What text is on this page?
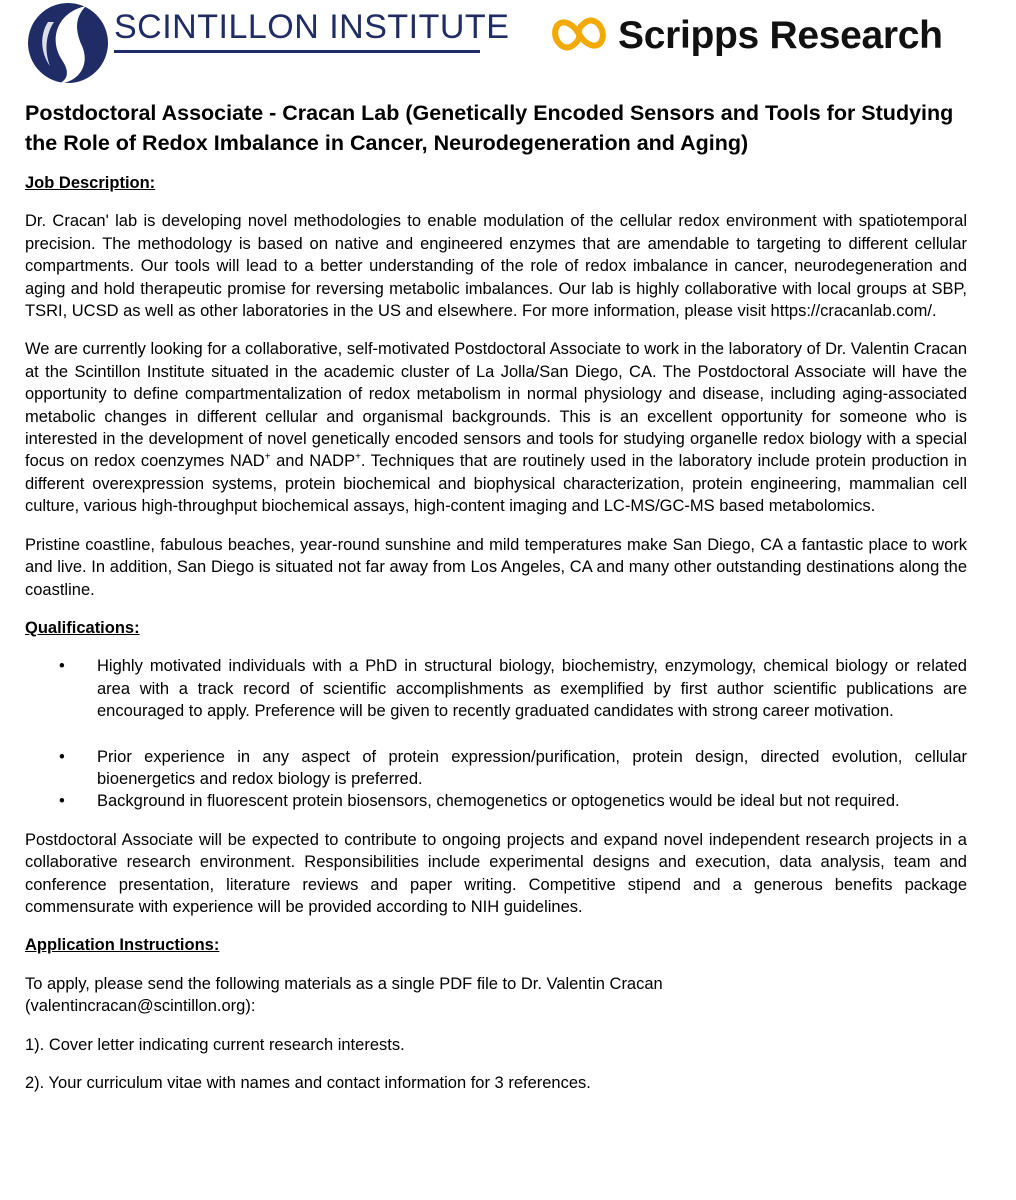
SCINTILLON INSTITUTE	Scripps Research
Postdoctoral Associate - Cracan Lab (Genetically Encoded Sensors and Tools for Studying the Role of Redox Imbalance in Cancer, Neurodegeneration and Aging)
Job Description:

Dr. Cracan' lab is developing novel methodologies to enable modulation of the cellular redox environment with spatiotemporal precision. The methodology is based on native and engineered enzymes that are amendable to targeting to different cellular compartments. Our tools will lead to a better understanding of the role of redox imbalance in cancer, neurodegeneration and aging and hold therapeutic promise for reversing metabolic imbalances. Our lab is highly collaborative with local groups at SBP, TSRI, UCSD as well as other laboratories in the US and elsewhere. For more information, please visit https://cracanlab.com/.

We are currently looking for a collaborative, self-motivated Postdoctoral Associate to work in the laboratory of Dr. Valentin Cracan at the Scintillon Institute situated in the academic cluster of La Jolla/San Diego, CA. The Postdoctoral Associate will have the opportunity to define compartmentalization of redox metabolism in normal physiology and disease, including aging-associated metabolic changes in different cellular and organismal backgrounds. This is an excellent opportunity for someone who is interested in the development of novel genetically encoded sensors and tools for studying organelle redox biology with a special focus on redox coenzymes NAD+ and NADP+. Techniques that are routinely used in the laboratory include protein production in different overexpression systems, protein biochemical and biophysical characterization, protein engineering, mammalian cell culture, various high-throughput biochemical assays, high-content imaging and LC-MS/GC-MS based metabolomics.

Pristine coastline, fabulous beaches, year-round sunshine and mild temperatures make San Diego, CA a fantastic place to work and live. In addition, San Diego is situated not far away from Los Angeles, CA and many other outstanding destinations along the coastline.

Qualifications:
• Highly motivated individuals with a PhD in structural biology, biochemistry, enzymology, chemical biology or related area with a track record of scientific accomplishments as exemplified by first author scientific publications are encouraged to apply. Preference will be given to recently graduated candidates with strong career motivation.
• Prior experience in any aspect of protein expression/purification, protein design, directed evolution, cellular bioenergetics and redox biology is preferred.
• Background in fluorescent protein biosensors, chemogenetics or optogenetics would be ideal but not required.

Postdoctoral Associate will be expected to contribute to ongoing projects and expand novel independent research projects in a collaborative research environment. Responsibilities include experimental designs and execution, data analysis, team and conference presentation, literature reviews and paper writing. Competitive stipend and a generous benefits package commensurate with experience will be provided according to NIH guidelines.

Application Instructions:

To apply, please send the following materials as a single PDF file to Dr. Valentin Cracan
(valentincracan@scintillon.org):

1). Cover letter indicating current research interests.

2). Your curriculum vitae with names and contact information for 3 references.
